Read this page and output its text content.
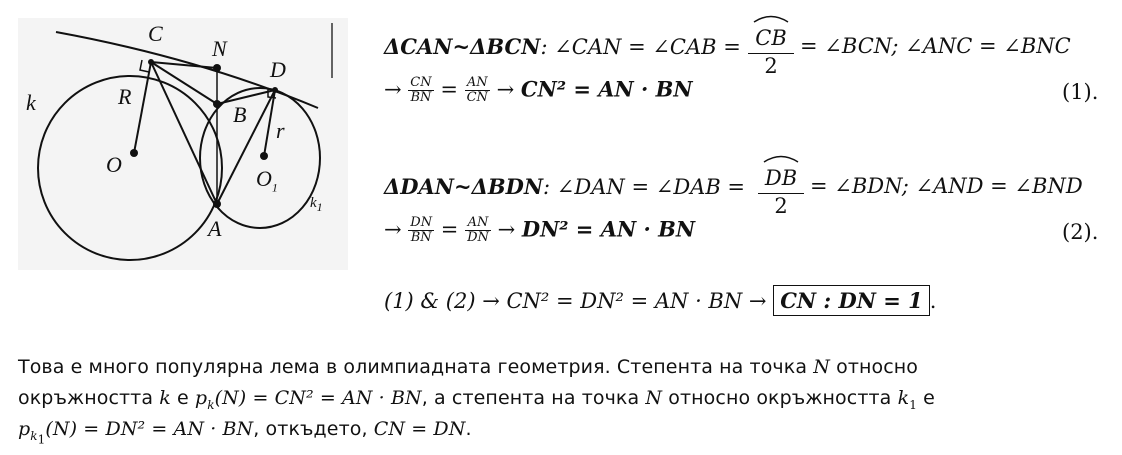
C
N
D
R
k	B
r
O
$O_1$
A
$k_1$
ΔCAN~ΔBCN: ∠CAN = ∠CAB = CB
2
= ∠BCN; ∠ANC = ∠BNC
→ $\frac{CN}{BN} = \frac{AN}{CN} \to CN^2$ = AN · BN	(1).
ΔDAN~ΔBDN: ∠DAN = ∠DAB = DB
2
= ∠BDN; ∠AND = ∠BND
→ $\frac{DN}{BN} = \frac{AN}{DN} \to DN^2$ = AN · BN	(2).
(1) & (2) → CN² = DN² = AN · BN → CN : DN = 1 .
Това е много популярна лема в олимпиадната геометрия. Степента на точка N относно
окръжността k е $p_k(N) = CN^2$ = AN · BN, а степента на точка N относно окръжността $k_1$ е
$p_{k_1}(N) = DN^2$ = AN · BN, откъдето, CN = DN.
